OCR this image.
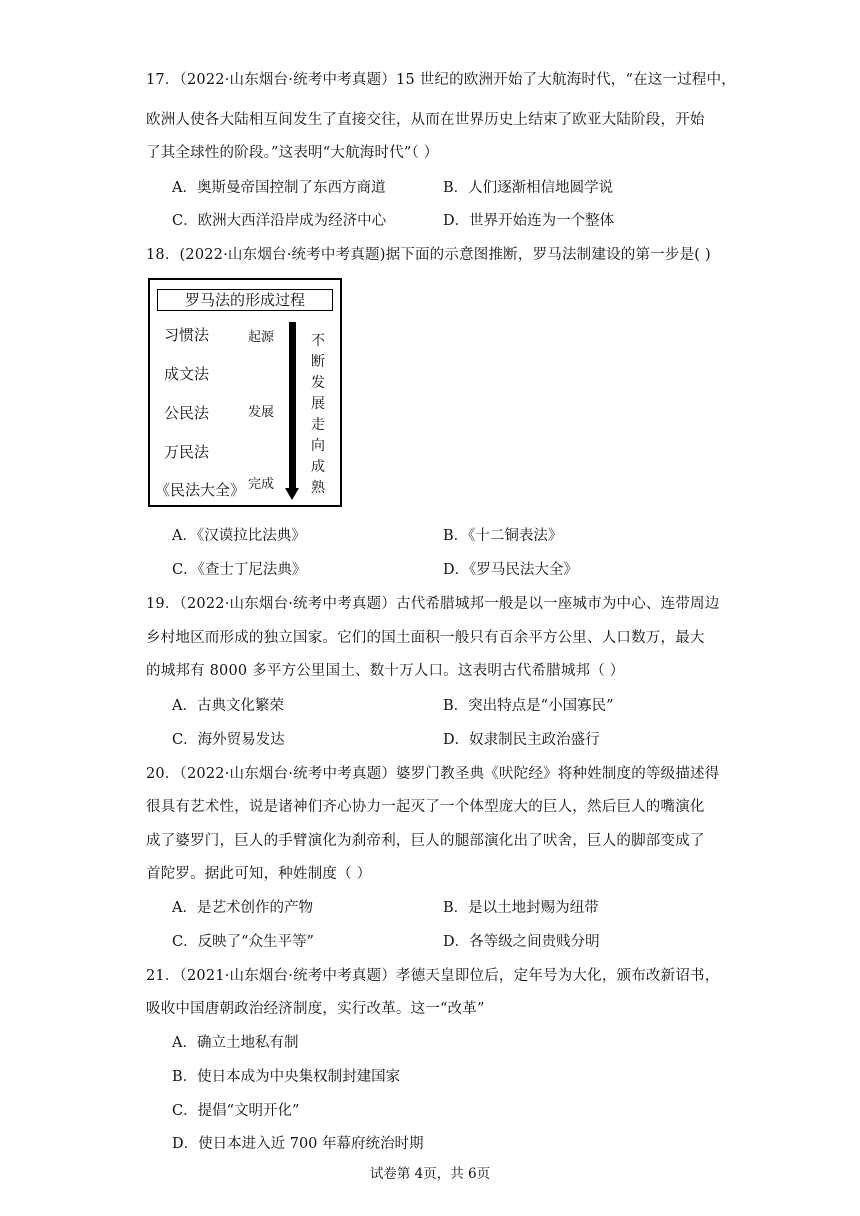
17．（2022·山东烟台·统考中考真题）15 世纪的欧洲开始了大航海时代，“在这一过程中，
欧洲人使各大陆相互间发生了直接交往，从而在世界历史上结束了欧亚大陆阶段，开始
了其全球性的阶段。”这表明“大航海时代”（ ）
A．奥斯曼帝国控制了东西方商道	B．人们逐渐相信地圆学说
C．欧洲大西洋沿岸成为经济中心	D．世界开始连为一个整体
18．(2022·山东烟台·统考中考真题)据下面的示意图推断，罗马法制建设的第一步是( )
罗马法的形成过程
习惯法
成文法
公民法
万民法
《民法大全》
起源
发展
完成
不断发展走向成熟
A．《汉谟拉比法典》	B．《十二铜表法》
C．《查士丁尼法典》	D．《罗马民法大全》
19．（2022·山东烟台·统考中考真题）古代希腊城邦一般是以一座城市为中心、连带周边
乡村地区而形成的独立国家。它们的国土面积一般只有百余平方公里、人口数万，最大
的城邦有 8000 多平方公里国土、数十万人口。这表明古代希腊城邦（ ）
A．古典文化繁荣	B．突出特点是“小国寡民”
C．海外贸易发达	D．奴隶制民主政治盛行
20．（2022·山东烟台·统考中考真题）婆罗门教圣典《吠陀经》将种姓制度的等级描述得
很具有艺术性，说是诸神们齐心协力一起灭了一个体型庞大的巨人，然后巨人的嘴演化
成了婆罗门，巨人的手臂演化为刹帝利，巨人的腿部演化出了吠舍，巨人的脚部变成了
首陀罗。据此可知，种姓制度（ ）
A．是艺术创作的产物	B．是以土地封赐为纽带
C．反映了“众生平等”	D．各等级之间贵贱分明
21．（2021·山东烟台·统考中考真题）孝德天皇即位后，定年号为大化，颁布改新诏书，
吸收中国唐朝政治经济制度，实行改革。这一“改革”
A．确立土地私有制
B．使日本成为中央集权制封建国家
C．提倡“文明开化”
D．使日本进入近 700 年幕府统治时期
试卷第 4页，共 6页
